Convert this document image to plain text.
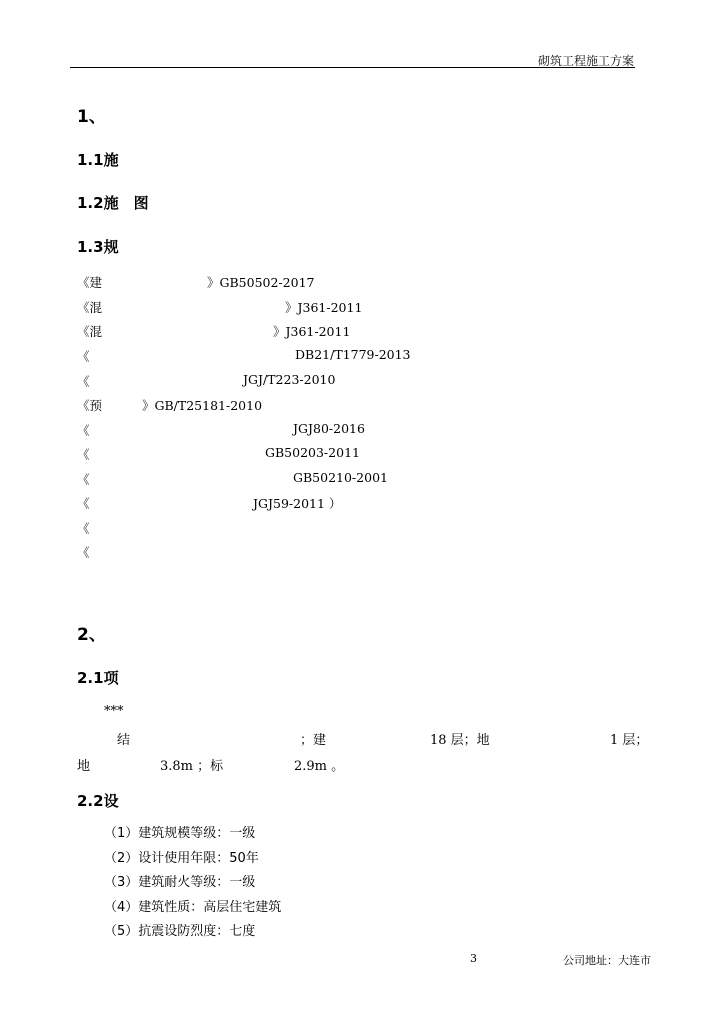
砌筑工程施工方案
1、
1.1施
1.2施　图
1.3规
《建	》GB50502-2017
《混	》J361-2011
《混	》J361-2011
《	DB21/T1779-2013
《	JGJ/T223-2010
《预	》GB/T25181-2010
《	JGJ80-2016
《	GB50203-2011
《	GB50210-2001
《	JGJ59-2011 ）
《
《
2、
2.1项
***
结	；建	18 层；地	1 层；
地	3.8m ；标	2.9m 。
2.2设
（1）建筑规模等级：一级
（2）设计使用年限：50年
（3）建筑耐火等级：一级
（4）建筑性质：高层住宅建筑
（5）抗震设防烈度：七度
3	公司地址：大连市
